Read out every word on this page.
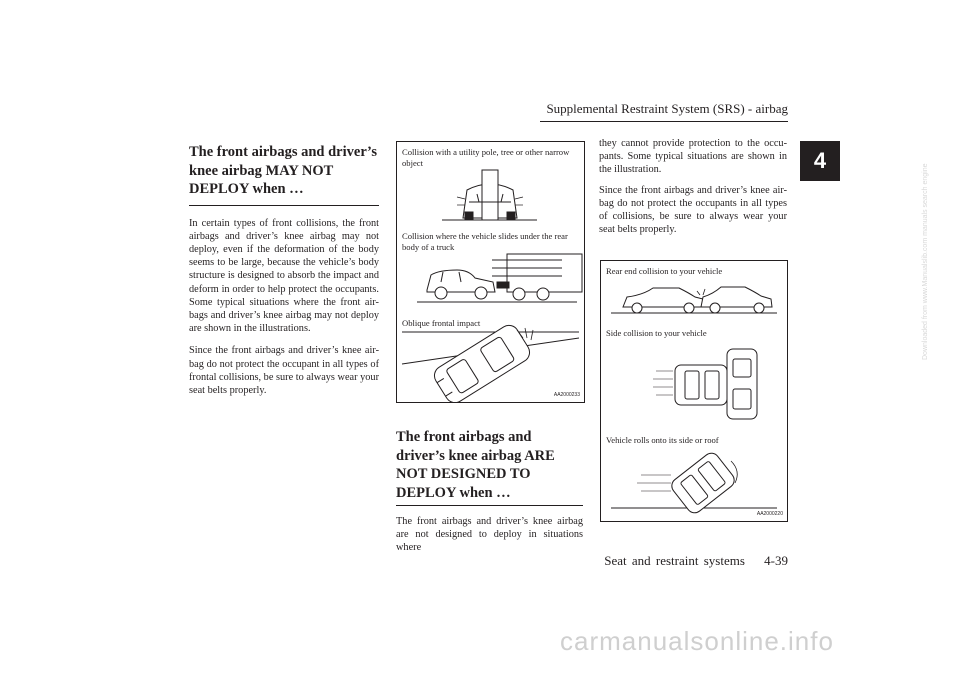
Supplemental Restraint System (SRS) - airbag
4
The front airbags and driver’s knee airbag MAY NOT DEPLOY when …

In certain types of front collisions, the front airbags and driver’s knee airbag may not deploy, even if the deformation of the body seems to be large, because the vehicle’s body structure is designed to absorb the impact and deform in order to help protect the occupants. Some typical situations where the front air-bags and driver’s knee airbag may not deploy are shown in the illustrations.

Since the front airbags and driver’s knee air-bag do not protect the occupant in all types of frontal collisions, be sure to always wear your seat belts properly.

Collision with a utility pole, tree or other narrow object
Collision where the vehicle slides under the rear body of a truck
Oblique frontal impact
AA2000233
The front airbags and driver’s knee airbag ARE NOT DESIGNED TO DEPLOY when …

The front airbags and driver’s knee airbag are not designed to deploy in situations where

they cannot provide protection to the occu-pants. Some typical situations are shown in the illustration.

Since the front airbags and driver’s knee air-bag do not protect the occupants in all types of collisions, be sure to always wear your seat belts properly.

Rear end collision to your vehicle
Side collision to your vehicle
Vehicle rolls onto its side or roof
AA2000220
Seat and restraint systems 4-39
carmanualsonline.info
Downloaded from www.Manualslib.com manuals search engine
